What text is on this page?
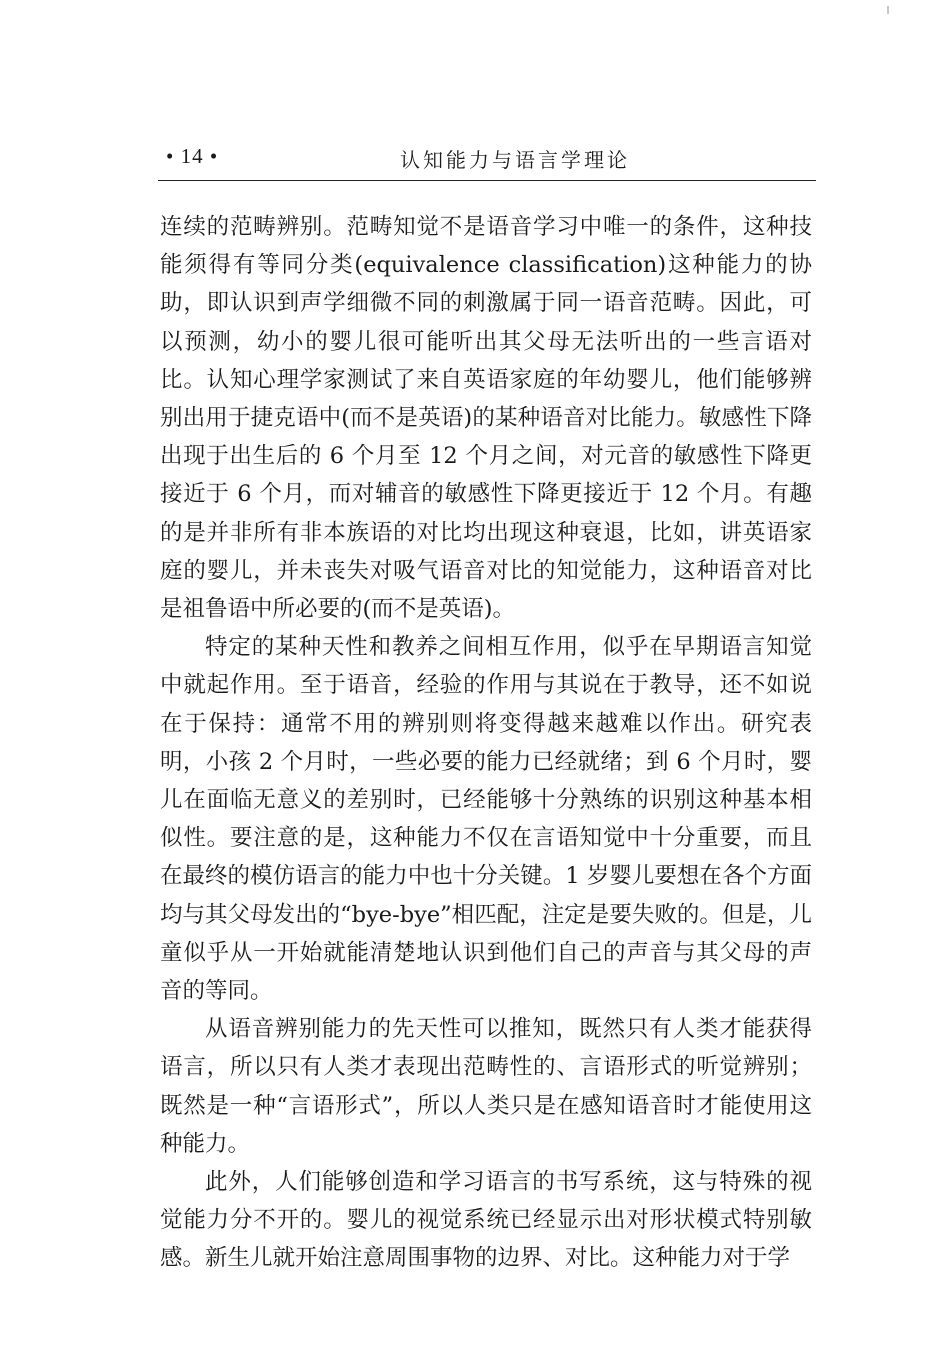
• 14 •	认知能力与语言学理论

连续的范畴辨别。范畴知觉不是语音学习中唯一的条件，这种技能须得有等同分类(equivalence classification)这种能力的协助，即认识到声学细微不同的刺激属于同一语音范畴。因此，可以预测，幼小的婴儿很可能听出其父母无法听出的一些言语对比。认知心理学家测试了来自英语家庭的年幼婴儿，他们能够辨别出用于捷克语中(而不是英语)的某种语音对比能力。敏感性下降出现于出生后的 6 个月至 12 个月之间，对元音的敏感性下降更接近于 6 个月，而对辅音的敏感性下降更接近于 12 个月。有趣的是并非所有非本族语的对比均出现这种衰退，比如，讲英语家庭的婴儿，并未丧失对吸气语音对比的知觉能力，这种语音对比是祖鲁语中所必要的(而不是英语)。

特定的某种天性和教养之间相互作用，似乎在早期语言知觉中就起作用。至于语音，经验的作用与其说在于教导，还不如说在于保持：通常不用的辨别则将变得越来越难以作出。研究表明，小孩 2 个月时，一些必要的能力已经就绪；到 6 个月时，婴儿在面临无意义的差别时，已经能够十分熟练的识别这种基本相似性。要注意的是，这种能力不仅在言语知觉中十分重要，而且在最终的模仿语言的能力中也十分关键。1 岁婴儿要想在各个方面均与其父母发出的“bye-bye”相匹配，注定是要失败的。但是，儿童似乎从一开始就能清楚地认识到他们自己的声音与其父母的声音的等同。

从语音辨别能力的先天性可以推知，既然只有人类才能获得语言，所以只有人类才表现出范畴性的、言语形式的听觉辨别；既然是一种“言语形式”，所以人类只是在感知语音时才能使用这种能力。

此外，人们能够创造和学习语言的书写系统，这与特殊的视觉能力分不开的。婴儿的视觉系统已经显示出对形状模式特别敏感。新生儿就开始注意周围事物的边界、对比。这种能力对于学
